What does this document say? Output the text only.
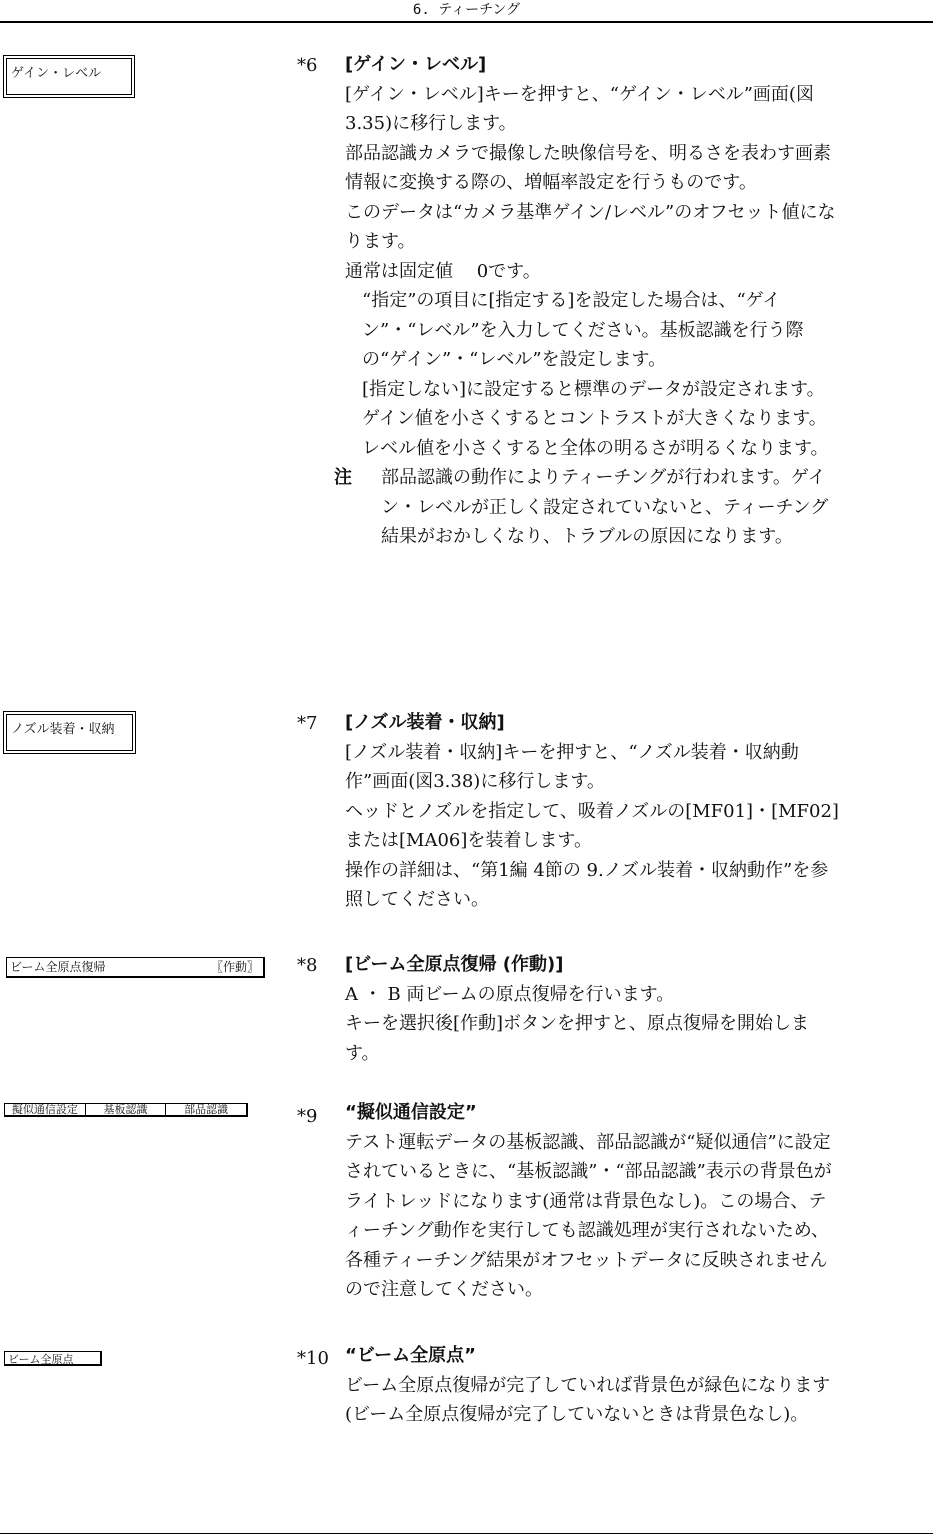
6. ティーチング
ゲイン・レベル	*6 [ゲイン・レベル]

[ゲイン・レベル]キーを押すと、“ゲイン・レベル”画面(図3.35)に移行します。

部品認識カメラで撮像した映像信号を、明るさを表わす画素情報に変換する際の、増幅率設定を行うものです。

このデータは“カメラ基準ゲイン/レベル”のオフセット値になります。

通常は固定値　 0です。

“指定”の項目に[指定する]を設定した場合は、“ゲイン”・“レベル”を入力してください。基板認識を行う際の“ゲイン”・“レベル”を設定します。

[指定しない]に設定すると標準のデータが設定されます。

ゲイン値を小さくするとコントラストが大きくなります。

レベル値を小さくすると全体の明るさが明るくなります。

注	部品認識の動作によりティーチングが行われます。ゲイン・レベルが正しく設定されていないと、ティーチング結果がおかしくなり、トラブルの原因になります。
ノズル装着・収納	*7 [ノズル装着・収納]

[ノズル装着・収納]キーを押すと、“ノズル装着・収納動作”画面(図3.38)に移行します。

ヘッドとノズルを指定して、吸着ノズルの[MF01]・[MF02]または[MA06]を装着します。

操作の詳細は、“第1編 4節の 9.ノズル装着・収納動作”を参照してください。

ビーム全原点復帰	〖作動〗 *8 [ビーム全原点復帰 (作動)]

A ・ B 両ビームの原点復帰を行います。

キーを選択後[作動]ボタンを押すと、原点復帰を開始します。

擬似通信設定	基板認識	部品認識	*9 “擬似通信設定”

テスト運転データの基板認識、部品認識が“疑似通信”に設定されているときに、“基板認識”・“部品認識”表示の背景色がライトレッドになります(通常は背景色なし)。この場合、ティーチング動作を実行しても認識処理が実行されないため、各種ティーチング結果がオフセットデータに反映されませんので注意してください。

ビーム全原点	*10 “ビーム全原点”

ビーム全原点復帰が完了していれば背景色が緑色になります(ビーム全原点復帰が完了していないときは背景色なし)。
